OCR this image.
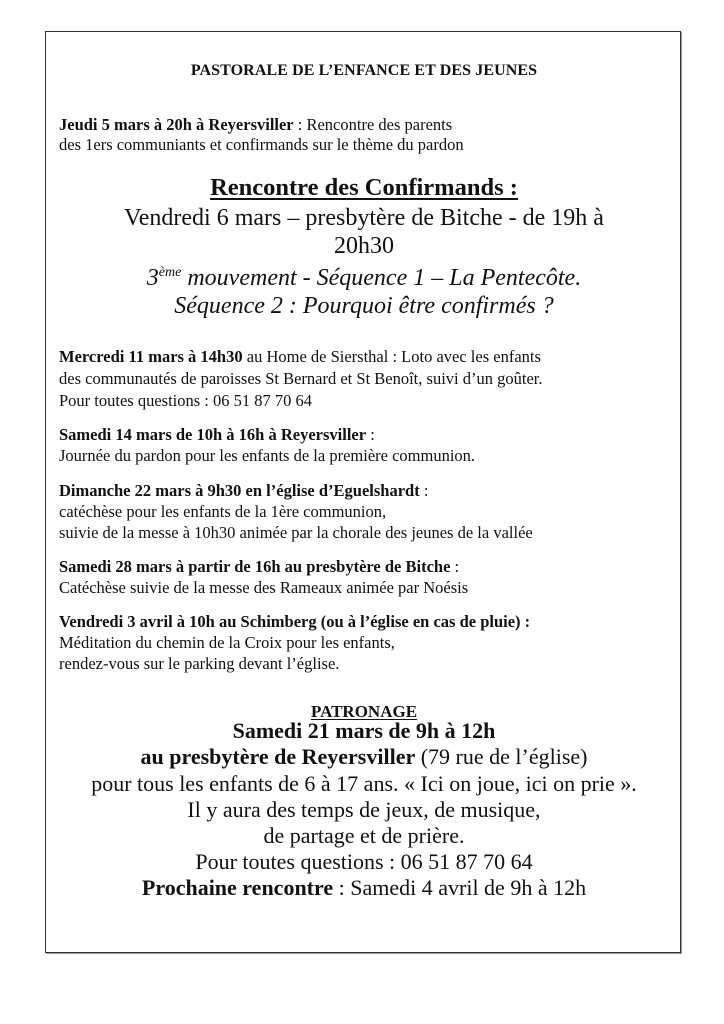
PASTORALE DE L’ENFANCE ET DES JEUNES
Jeudi 5 mars à 20h à Reyersviller : Rencontre des parents
des 1ers communiants et confirmands sur le thème du pardon
Rencontre des Confirmands :
Vendredi 6 mars – presbytère de Bitche - de 19h à
20h30
3ème mouvement - Séquence 1 – La Pentecôte.
Séquence 2 : Pourquoi être confirmés ?
Mercredi 11 mars à 14h30 au Home de Siersthal : Loto avec les enfants
des communautés de paroisses St Bernard et St Benoît, suivi d’un goûter.
Pour toutes questions : 06 51 87 70 64
Samedi 14 mars de 10h à 16h à Reyersviller :
Journée du pardon pour les enfants de la première communion.
Dimanche 22 mars à 9h30 en l’église d’Eguelshardt :
catéchèse pour les enfants de la 1ère communion,
suivie de la messe à 10h30 animée par la chorale des jeunes de la vallée
Samedi 28 mars à partir de 16h au presbytère de Bitche :
Catéchèse suivie de la messe des Rameaux animée par Noésis
Vendredi 3 avril à 10h au Schimberg (ou à l’église en cas de pluie) :
Méditation du chemin de la Croix pour les enfants,
rendez-vous sur le parking devant l’église.
PATRONAGE
Samedi 21 mars de 9h à 12h
au presbytère de Reyersviller (79 rue de l’église)
pour tous les enfants de 6 à 17 ans. « Ici on joue, ici on prie ».
Il y aura des temps de jeux, de musique,
de partage et de prière.
Pour toutes questions : 06 51 87 70 64
Prochaine rencontre : Samedi 4 avril de 9h à 12h
